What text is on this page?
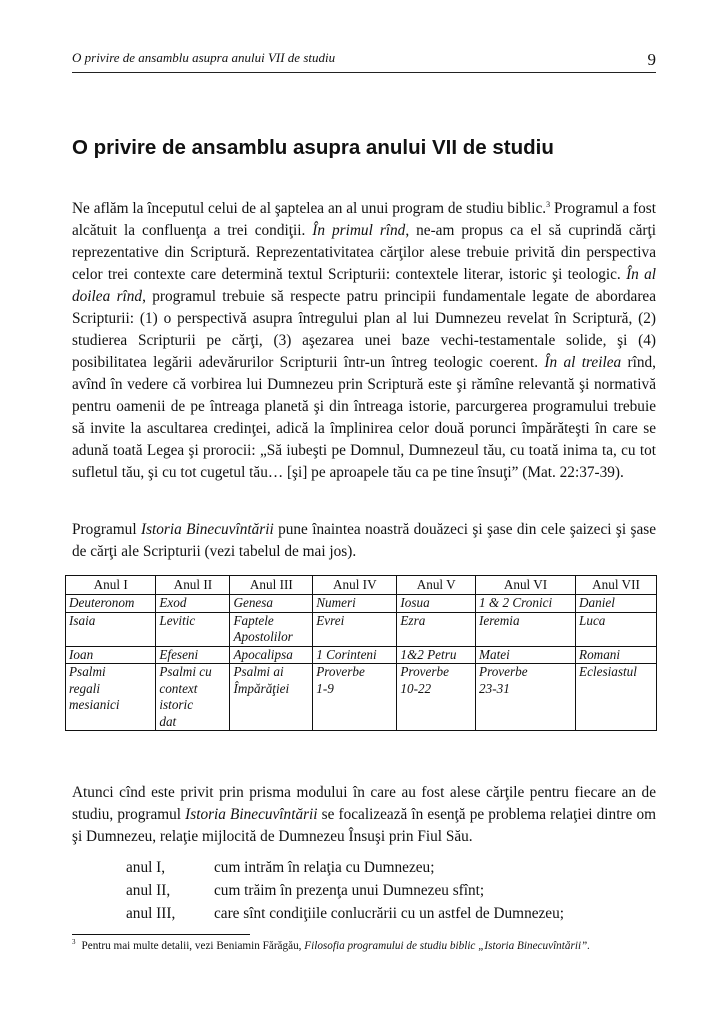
O privire de ansamblu asupra anului VII de studiu	9
O privire de ansamblu asupra anului VII de studiu
Ne aflăm la începutul celui de al şaptelea an al unui program de studiu biblic.$^3$ Programul a fost alcătuit la confluenţa a trei condiţii. În primul rînd, ne-am propus ca el să cuprindă cărţi reprezentative din Scriptură. Reprezentativitatea cărţilor alese trebuie privită din perspectiva celor trei contexte care determină textul Scripturii: contextele literar, istoric şi teologic. În al doilea rînd, programul trebuie să respecte patru principii fundamentale legate de abordarea Scripturii: (1) o perspectivă asupra întregului plan al lui Dumnezeu revelat în Scriptură, (2) studierea Scripturii pe cărţi, (3) aşezarea unei baze vechi-testamentale solide, şi (4) posibilitatea legării adevărurilor Scripturii într-un întreg teologic coerent. În al treilea rînd, avînd în vedere că vorbirea lui Dumnezeu prin Scriptură este şi rămîne relevantă şi normativă pentru oamenii de pe întreaga planetă şi din întreaga istorie, parcurgerea programului trebuie să invite la ascultarea credinţei, adică la împlinirea celor două porunci împărăteşti în care se adună toată Legea şi prorocii: „Să iubeşti pe Domnul, Dumnezeul tău, cu toată inima ta, cu tot sufletul tău, şi cu tot cugetul tău… [şi] pe aproapele tău ca pe tine însuţi” (Mat. 22:37-39).
Programul Istoria Binecuvîntării pune înaintea noastră douăzeci şi şase din cele şaizeci şi şase de cărţi ale Scripturii (vezi tabelul de mai jos).
Anul I	Anul II	Anul III	Anul IV	Anul V	Anul VI	Anul VII
Deuteronom	Exod	Genesa	Numeri	Iosua	1 & 2 Cronici	Daniel
Isaia	Levitic	Faptele	Evrei	Ezra	Ieremia	Luca
		Apostolilor				
Ioan	Efeseni	Apocalipsa	1 Corinteni	1&2 Petru	Matei	Romani
Psalmi	Psalmi cu	Psalmi ai	Proverbe	Proverbe	Proverbe	Eclesiastul
regali	context	Împărăţiei	1-9	10-22	23-31	
mesianici	istoric					
	dat					
Atunci cînd este privit prin prisma modului în care au fost alese cărţile pentru fiecare an de studiu, programul Istoria Binecuvîntării se focalizează în esenţă pe problema relaţiei dintre om şi Dumnezeu, relaţie mijlocită de Dumnezeu Însuşi prin Fiul Său.
anul I,	cum intrăm în relaţia cu Dumnezeu;
anul II,	cum trăim în prezenţa unui Dumnezeu sfînt;
anul III,	care sînt condiţiile conlucrării cu un astfel de Dumnezeu;
$^3$ Pentru mai multe detalii, vezi Beniamin Fărăgău, Filosofia programului de studiu biblic „Istoria Binecuvîntării”.
